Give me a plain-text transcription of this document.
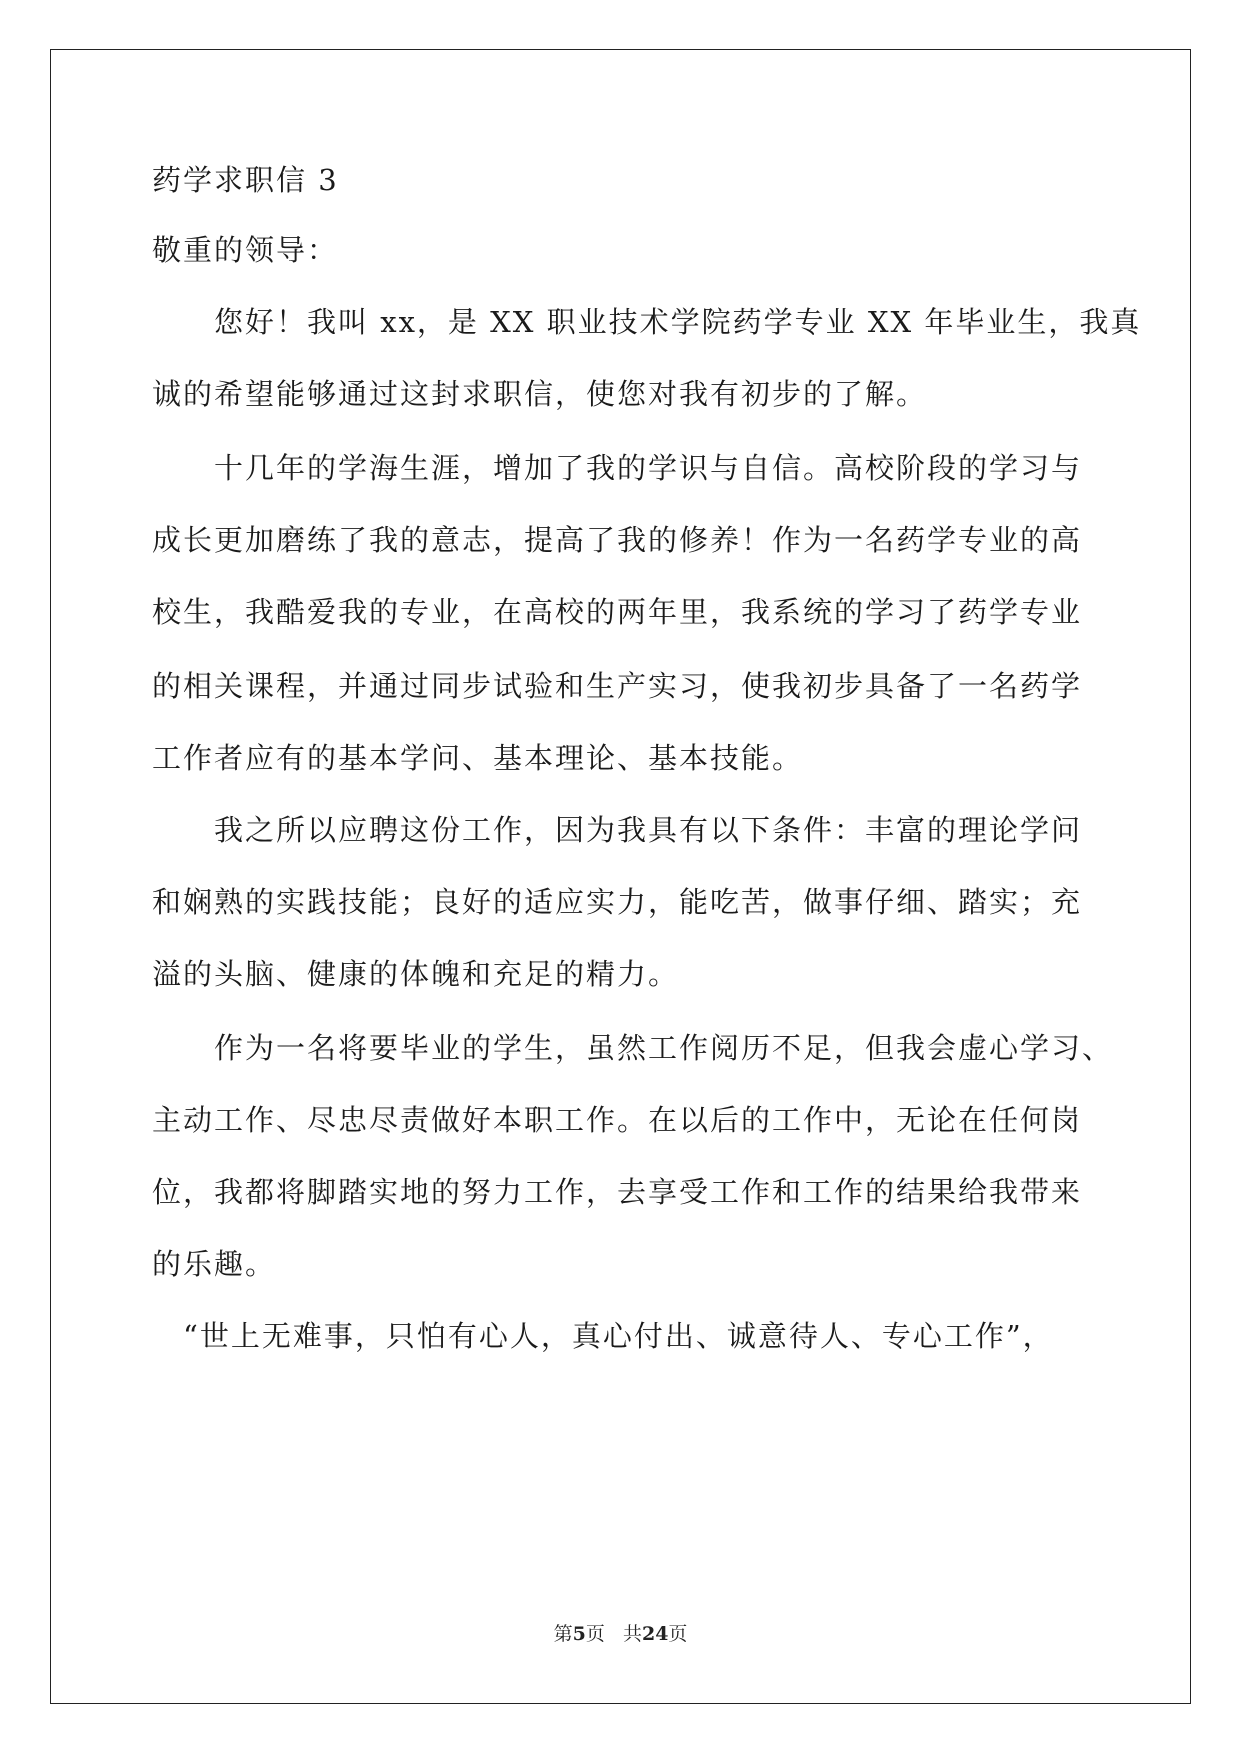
药学求职信 3

敬重的领导：

　　您好！我叫 xx，是 XX 职业技术学院药学专业 XX 年毕业生，我真

诚的希望能够通过这封求职信，使您对我有初步的了解。

　　十几年的学海生涯，增加了我的学识与自信。高校阶段的学习与

成长更加磨练了我的意志，提高了我的修养！作为一名药学专业的高

校生，我酷爱我的专业，在高校的两年里，我系统的学习了药学专业

的相关课程，并通过同步试验和生产实习，使我初步具备了一名药学

工作者应有的基本学问、基本理论、基本技能。

　　我之所以应聘这份工作，因为我具有以下条件：丰富的理论学问

和娴熟的实践技能；良好的适应实力，能吃苦，做事仔细、踏实；充

溢的头脑、健康的体魄和充足的精力。

　　作为一名将要毕业的学生，虽然工作阅历不足，但我会虚心学习、

主动工作、尽忠尽责做好本职工作。在以后的工作中，无论在任何岗

位，我都将脚踏实地的努力工作，去享受工作和工作的结果给我带来

的乐趣。

　“世上无难事，只怕有心人，真心付出、诚意待人、专心工作”，

第5页 共24页
